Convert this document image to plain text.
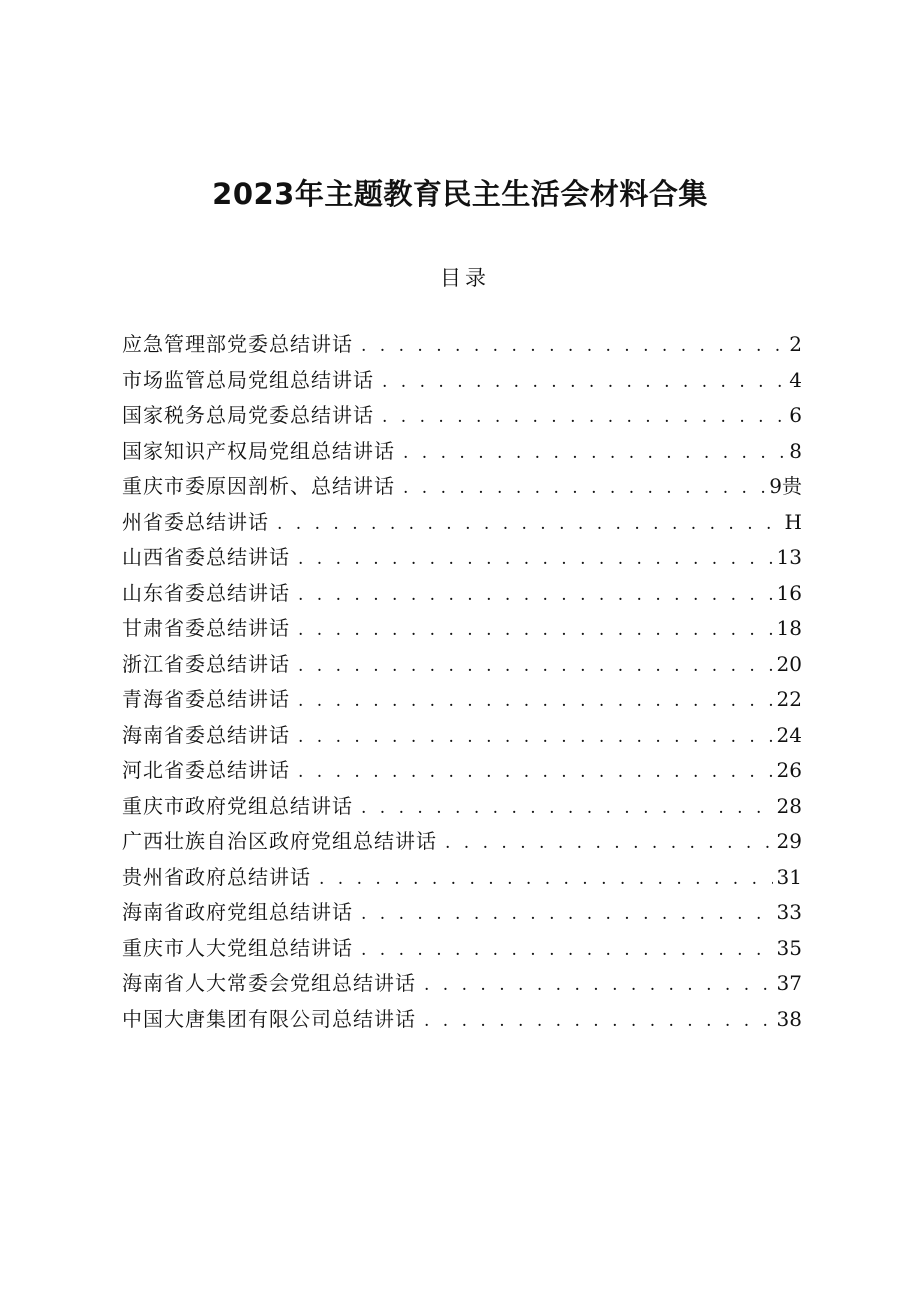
2023年主题教育民主生活会材料合集
目录
应急管理部党委总结讲话 . . .	2
市场监管总局党组总结讲话 . . .	4
国家税务总局党委总结讲话 . . .	6
国家知识产权局党组总结讲话 . . .	8
重庆市委原因剖析、总结讲话 . . .	9贵
州省委总结讲话 . . .	H
山西省委总结讲话 . . .	13
山东省委总结讲话 . . .	16
甘肃省委总结讲话 . . .	18
浙江省委总结讲话 . . .	20
青海省委总结讲话 . . .	22
海南省委总结讲话 . . .	24
河北省委总结讲话 . . .	26
重庆市政府党组总结讲话 . . .	28
广西壮族自治区政府党组总结讲话 . . .	29
贵州省政府总结讲话 . . .	31
海南省政府党组总结讲话 . . .	33
重庆市人大党组总结讲话 . . .	35
海南省人大常委会党组总结讲话 . . .	37
中国大唐集团有限公司总结讲话 . . .	38
